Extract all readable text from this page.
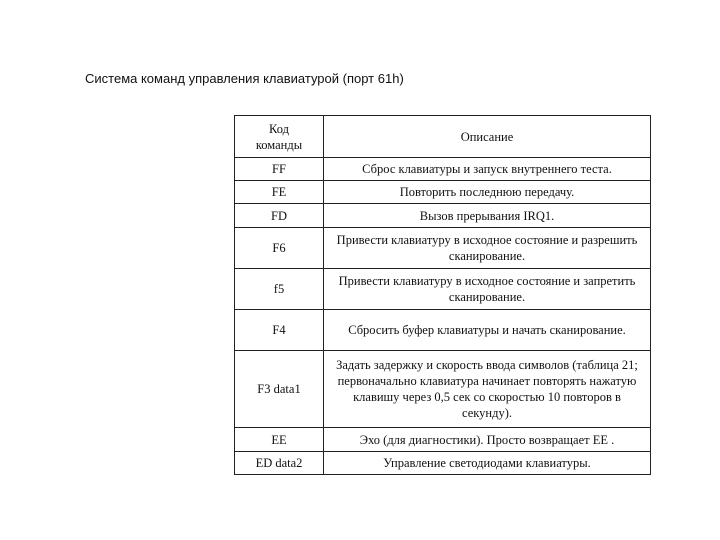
Система команд управления клавиатурой (порт 61h)
Код команды	Описание
FF	Сброс клавиатуры и запуск внутреннего теста.
FE	Повторить последнюю передачу.
FD	Вызов прерывания IRQ1.
F6	Привести клавиатуру в исходное состояние и разрешить сканирование.
f5	Привести клавиатуру в исходное состояние и запретить сканирование.
F4	Сбросить буфер клавиатуры и начать сканирование.
F3 data1	Задать задержку и скорость ввода символов (таблица 21; первоначально клавиатура начинает повторять нажатую клавишу через 0,5 сек со скоростью 10 повторов в секунду).
EE	Эхо (для диагностики). Просто возвращает EE .
ED data2	Управление светодиодами клавиатуры.
